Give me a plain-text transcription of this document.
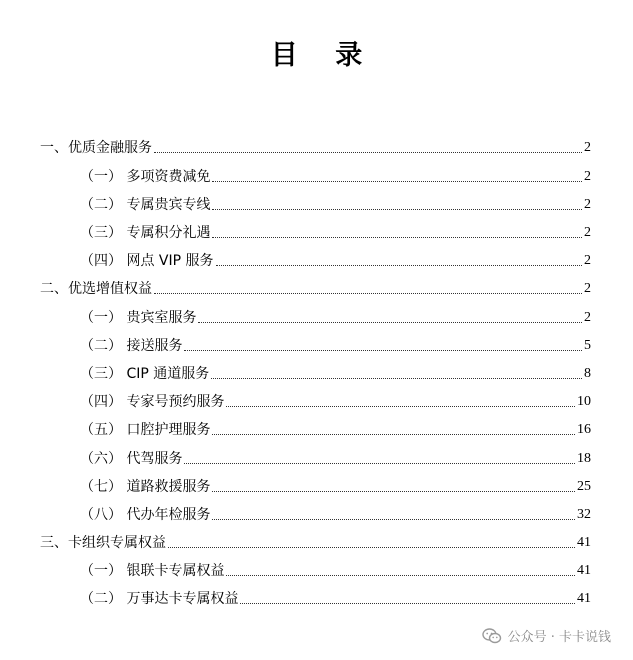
目 录
一、优质金融服务	2
（一） 多项资费减免	2
（二） 专属贵宾专线	2
（三） 专属积分礼遇	2
（四） 网点 VIP 服务	2
二、优选增值权益	2
（一） 贵宾室服务	2
（二） 接送服务	5
（三） CIP 通道服务	8
（四） 专家号预约服务	10
（五） 口腔护理服务	16
（六） 代驾服务	18
（七） 道路救援服务	25
（八） 代办年检服务	32
三、卡组织专属权益	41
（一） 银联卡专属权益	41
（二） 万事达卡专属权益	41
公众号 · 卡卡说钱
